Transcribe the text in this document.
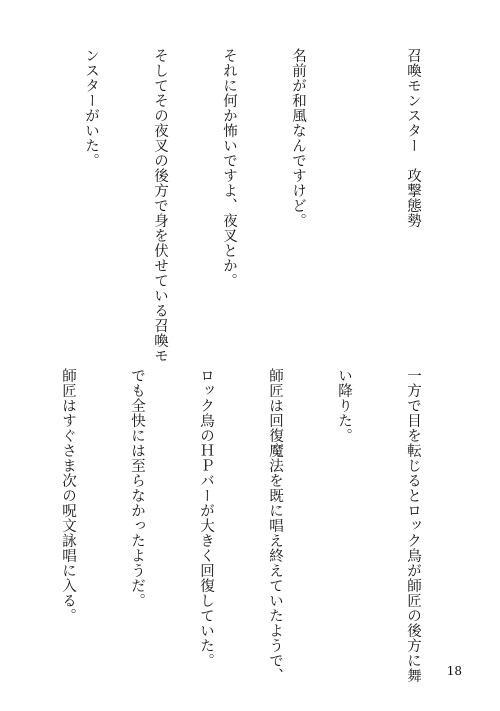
召喚モンスター　攻撃態勢

名前が和風なんですけど。

それに何か怖いですよ、夜叉とか。

そしてその夜叉の後方で身を伏せている召喚モ

ンスターがいた。

一方で目を転じるとロック鳥が師匠の後方に舞

い降りた。

師匠は回復魔法を既に唱え終えていたようで、

ロック鳥のＨＰバーが大きく回復していた。

でも全快には至らなかったようだ。

師匠はすぐさま次の呪文詠唱に入る。

18
